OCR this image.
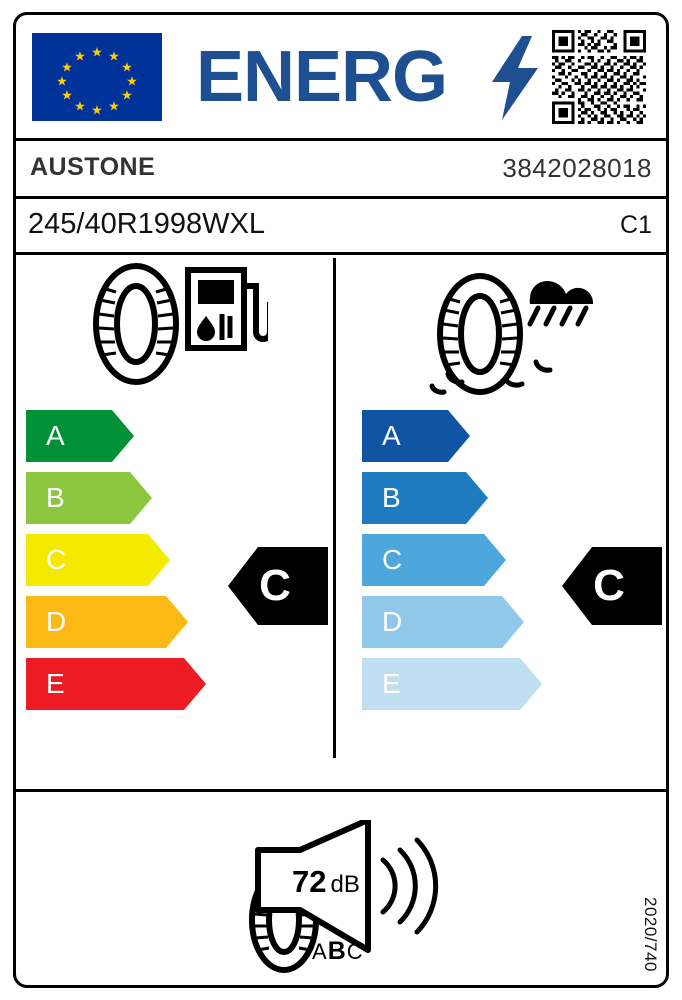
★ ★
★
★
★
★
★
★
★
★
★
★ ENERG
AUSTONE	3842028018
245/40R1998WXL	C1
A
B
C
D
E
A
B
C
D
E
C	C
72 dB
ABC	2020/740
